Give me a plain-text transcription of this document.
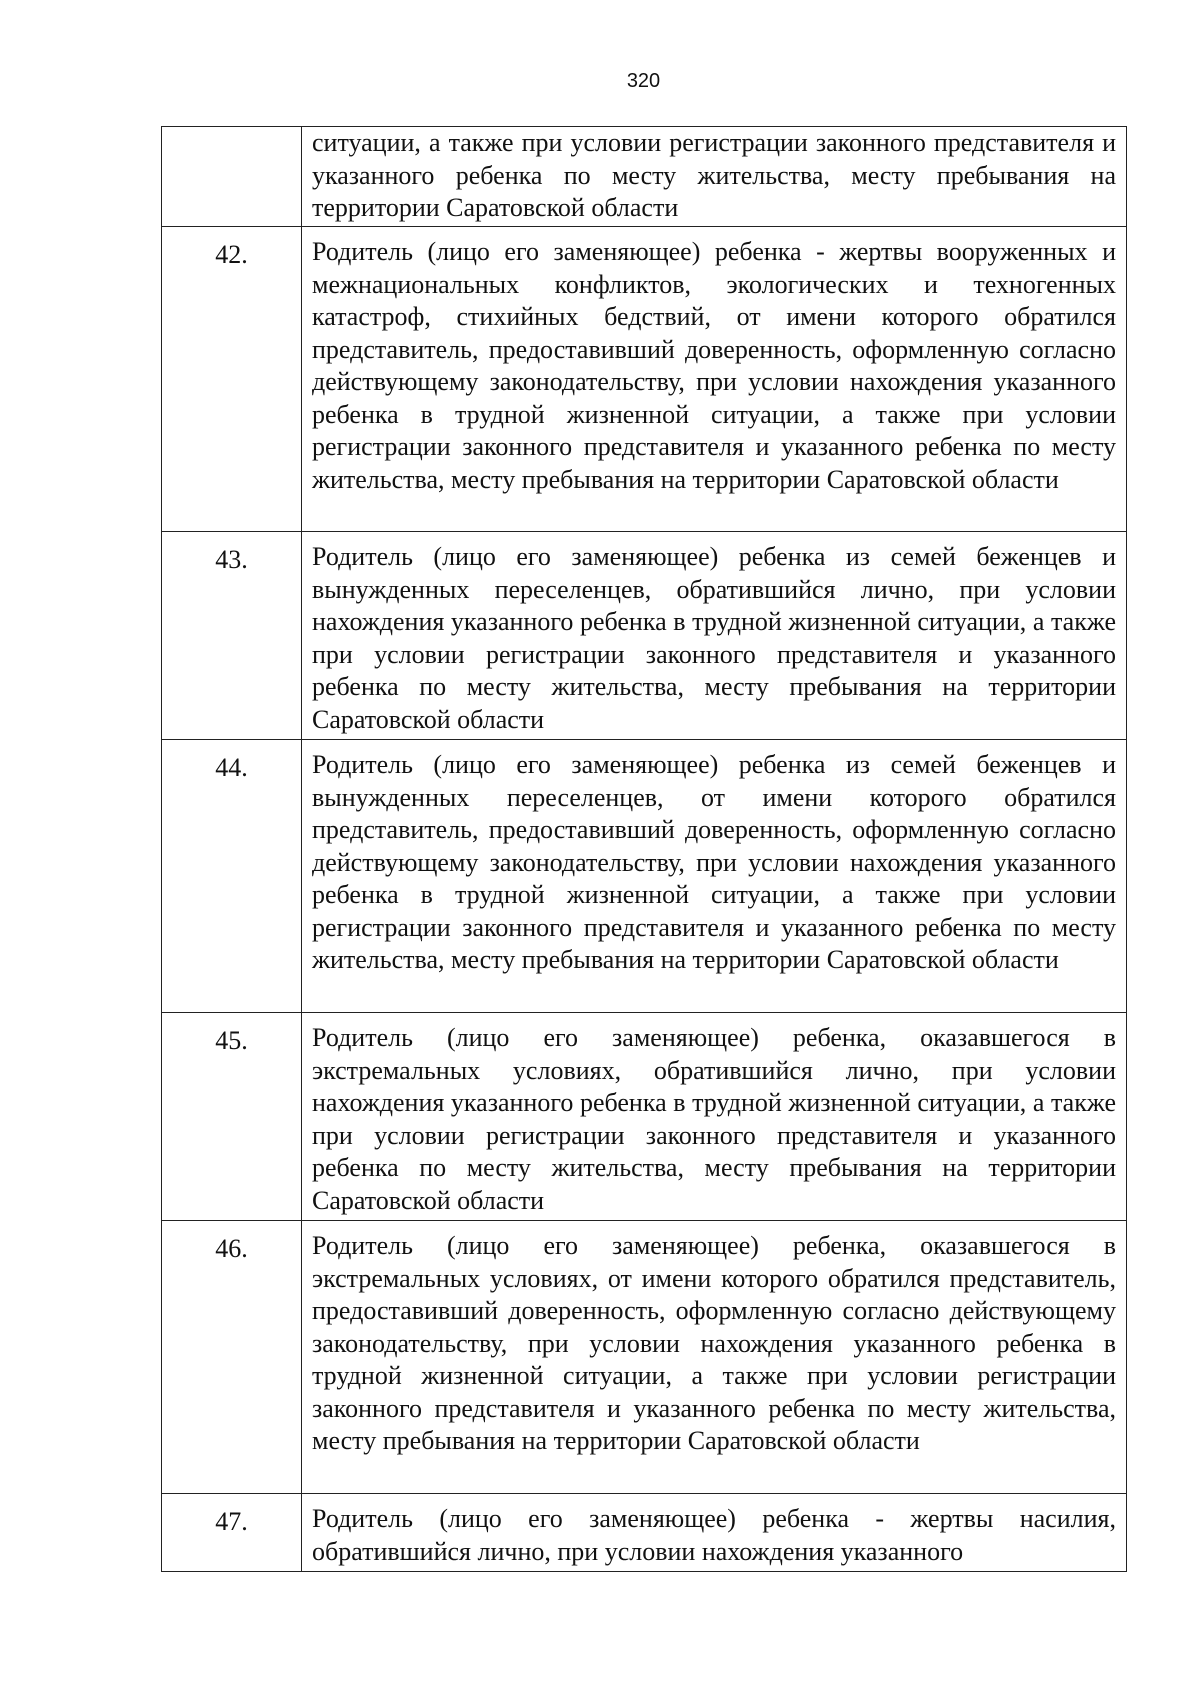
320
	ситуации, а также при условии регистрации законного представителя и указанного ребенка по месту жительства, месту пребывания на территории Саратовской области
42.	Родитель (лицо его заменяющее) ребенка - жертвы вооруженных и межнациональных конфликтов, экологических и техногенных катастроф, стихийных бедствий, от имени которого обратился представитель, предоставивший доверенность, оформленную согласно действующему законодательству, при условии нахождения указанного ребенка в трудной жизненной ситуации, а также при условии регистрации законного представителя и указанного ребенка по месту жительства, месту пребывания на территории Саратовской области
43.	Родитель (лицо его заменяющее) ребенка из семей беженцев и вынужденных переселенцев, обратившийся лично, при условии нахождения указанного ребенка в трудной жизненной ситуации, а также при условии регистрации законного представителя и указанного ребенка по месту жительства, месту пребывания на территории Саратовской области
44.	Родитель (лицо его заменяющее) ребенка из семей беженцев и вынужденных переселенцев, от имени которого обратился представитель, предоставивший доверенность, оформленную согласно действующему законодательству, при условии нахождения указанного ребенка в трудной жизненной ситуации, а также при условии регистрации законного представителя и указанного ребенка по месту жительства, месту пребывания на территории Саратовской области
45.	Родитель (лицо его заменяющее) ребенка, оказавшегося в экстремальных условиях, обратившийся лично, при условии нахождения указанного ребенка в трудной жизненной ситуации, а также при условии регистрации законного представителя и указанного ребенка по месту жительства, месту пребывания на территории Саратовской области
46.	Родитель (лицо его заменяющее) ребенка, оказавшегося в экстремальных условиях, от имени которого обратился представитель, предоставивший доверенность, оформленную согласно действующему законодательству, при условии нахождения указанного ребенка в трудной жизненной ситуации, а также при условии регистрации законного представителя и указанного ребенка по месту жительства, месту пребывания на территории Саратовской области
47.	Родитель (лицо его заменяющее) ребенка - жертвы насилия, обратившийся лично, при условии нахождения указанного
